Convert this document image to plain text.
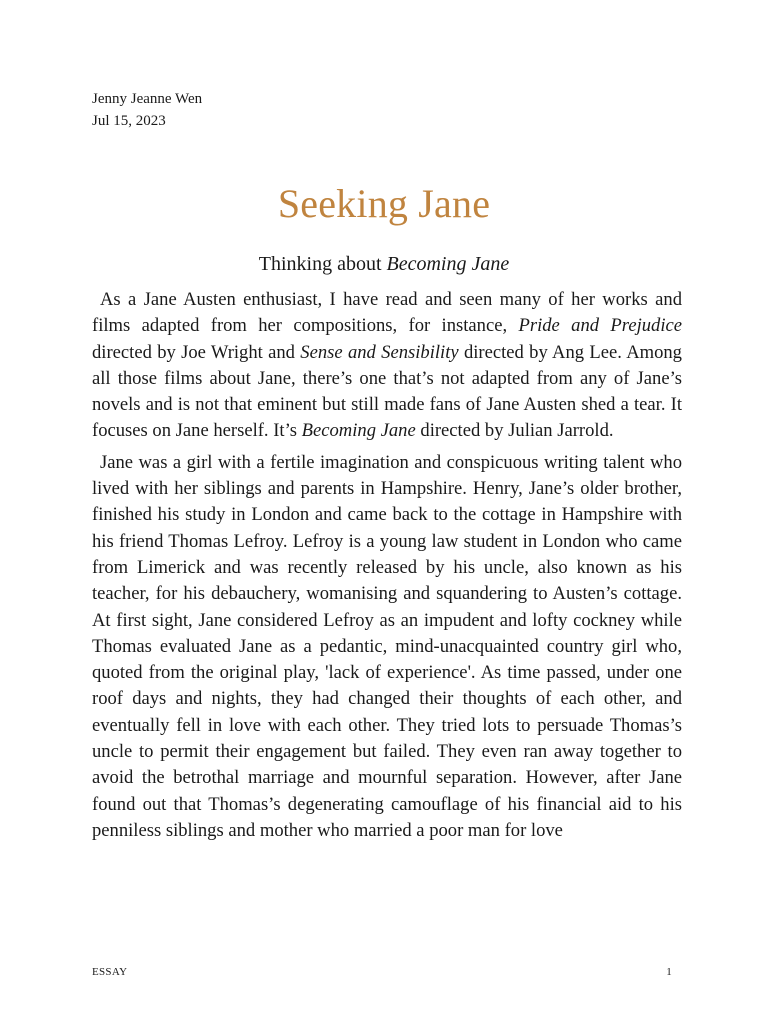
Jenny Jeanne Wen
Jul 15, 2023
Seeking Jane
Thinking about Becoming Jane

As a Jane Austen enthusiast, I have read and seen many of her works and films adapted from her compositions, for instance, Pride and Prejudice directed by Joe Wright and Sense and Sensibility directed by Ang Lee. Among all those films about Jane, there’s one that’s not adapted from any of Jane’s novels and is not that eminent but still made fans of Jane Austen shed a tear. It focuses on Jane herself. It’s Becoming Jane directed by Julian Jarrold.

Jane was a girl with a fertile imagination and conspicuous writing talent who lived with her siblings and parents in Hampshire. Henry, Jane’s older brother, finished his study in London and came back to the cottage in Hampshire with his friend Thomas Lefroy. Lefroy is a young law student in London who came from Limerick and was recently released by his uncle, also known as his teacher, for his debauchery, womanising and squandering to Austen’s cottage. At first sight, Jane considered Lefroy as an impudent and lofty cockney while Thomas evaluated Jane as a pedantic, mind-unacquainted country girl who, quoted from the original play, 'lack of experience'. As time passed, under one roof days and nights, they had changed their thoughts of each other, and eventually fell in love with each other. They tried lots to persuade Thomas’s uncle to permit their engagement but failed. They even ran away together to avoid the betrothal marriage and mournful separation. However, after Jane found out that Thomas’s degenerating camouflage of his financial aid to his penniless siblings and mother who married a poor man for love

ESSAY	1
